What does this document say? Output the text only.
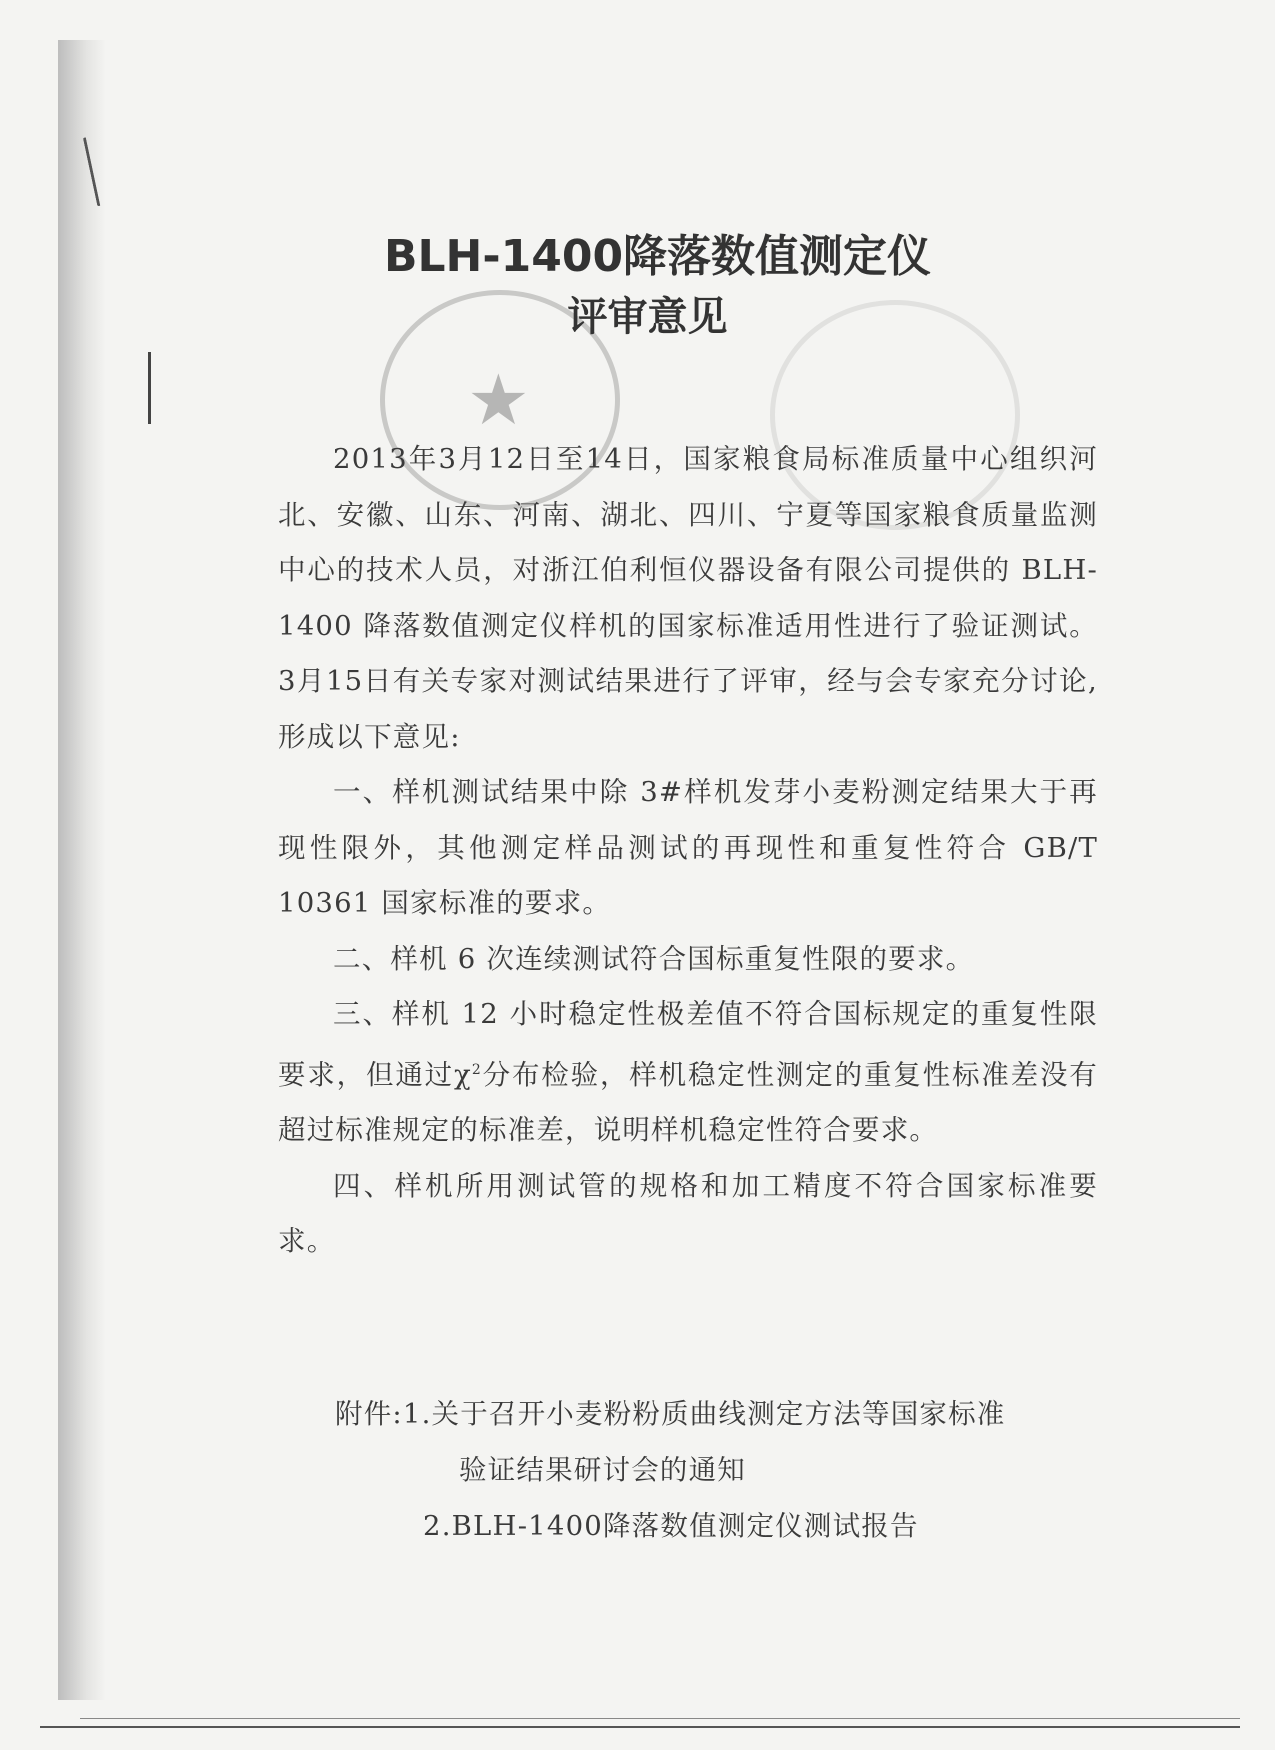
★
BLH-1400降落数值测定仪
评审意见

2013年3月12日至14日，国家粮食局标准质量中心组织河北、安徽、山东、河南、湖北、四川、宁夏等国家粮食质量监测中心的技术人员，对浙江伯利恒仪器设备有限公司提供的 BLH-1400 降落数值测定仪样机的国家标准适用性进行了验证测试。3月15日有关专家对测试结果进行了评审，经与会专家充分讨论,形成以下意见:

一、样机测试结果中除 3#样机发芽小麦粉测定结果大于再现性限外，其他测定样品测试的再现性和重复性符合 GB/T 10361 国家标准的要求。

二、样机 6 次连续测试符合国标重复性限的要求。

三、样机 12 小时稳定性极差值不符合国标规定的重复性限要求，但通过$\chi^2$分布检验，样机稳定性测定的重复性标准差没有超过标准规定的标准差，说明样机稳定性符合要求。

四、样机所用测试管的规格和加工精度不符合国家标准要求。

附件: 1.关于召开小麦粉粉质曲线测定方法等国家标准
验证结果研讨会的通知
2.BLH-1400降落数值测定仪测试报告
